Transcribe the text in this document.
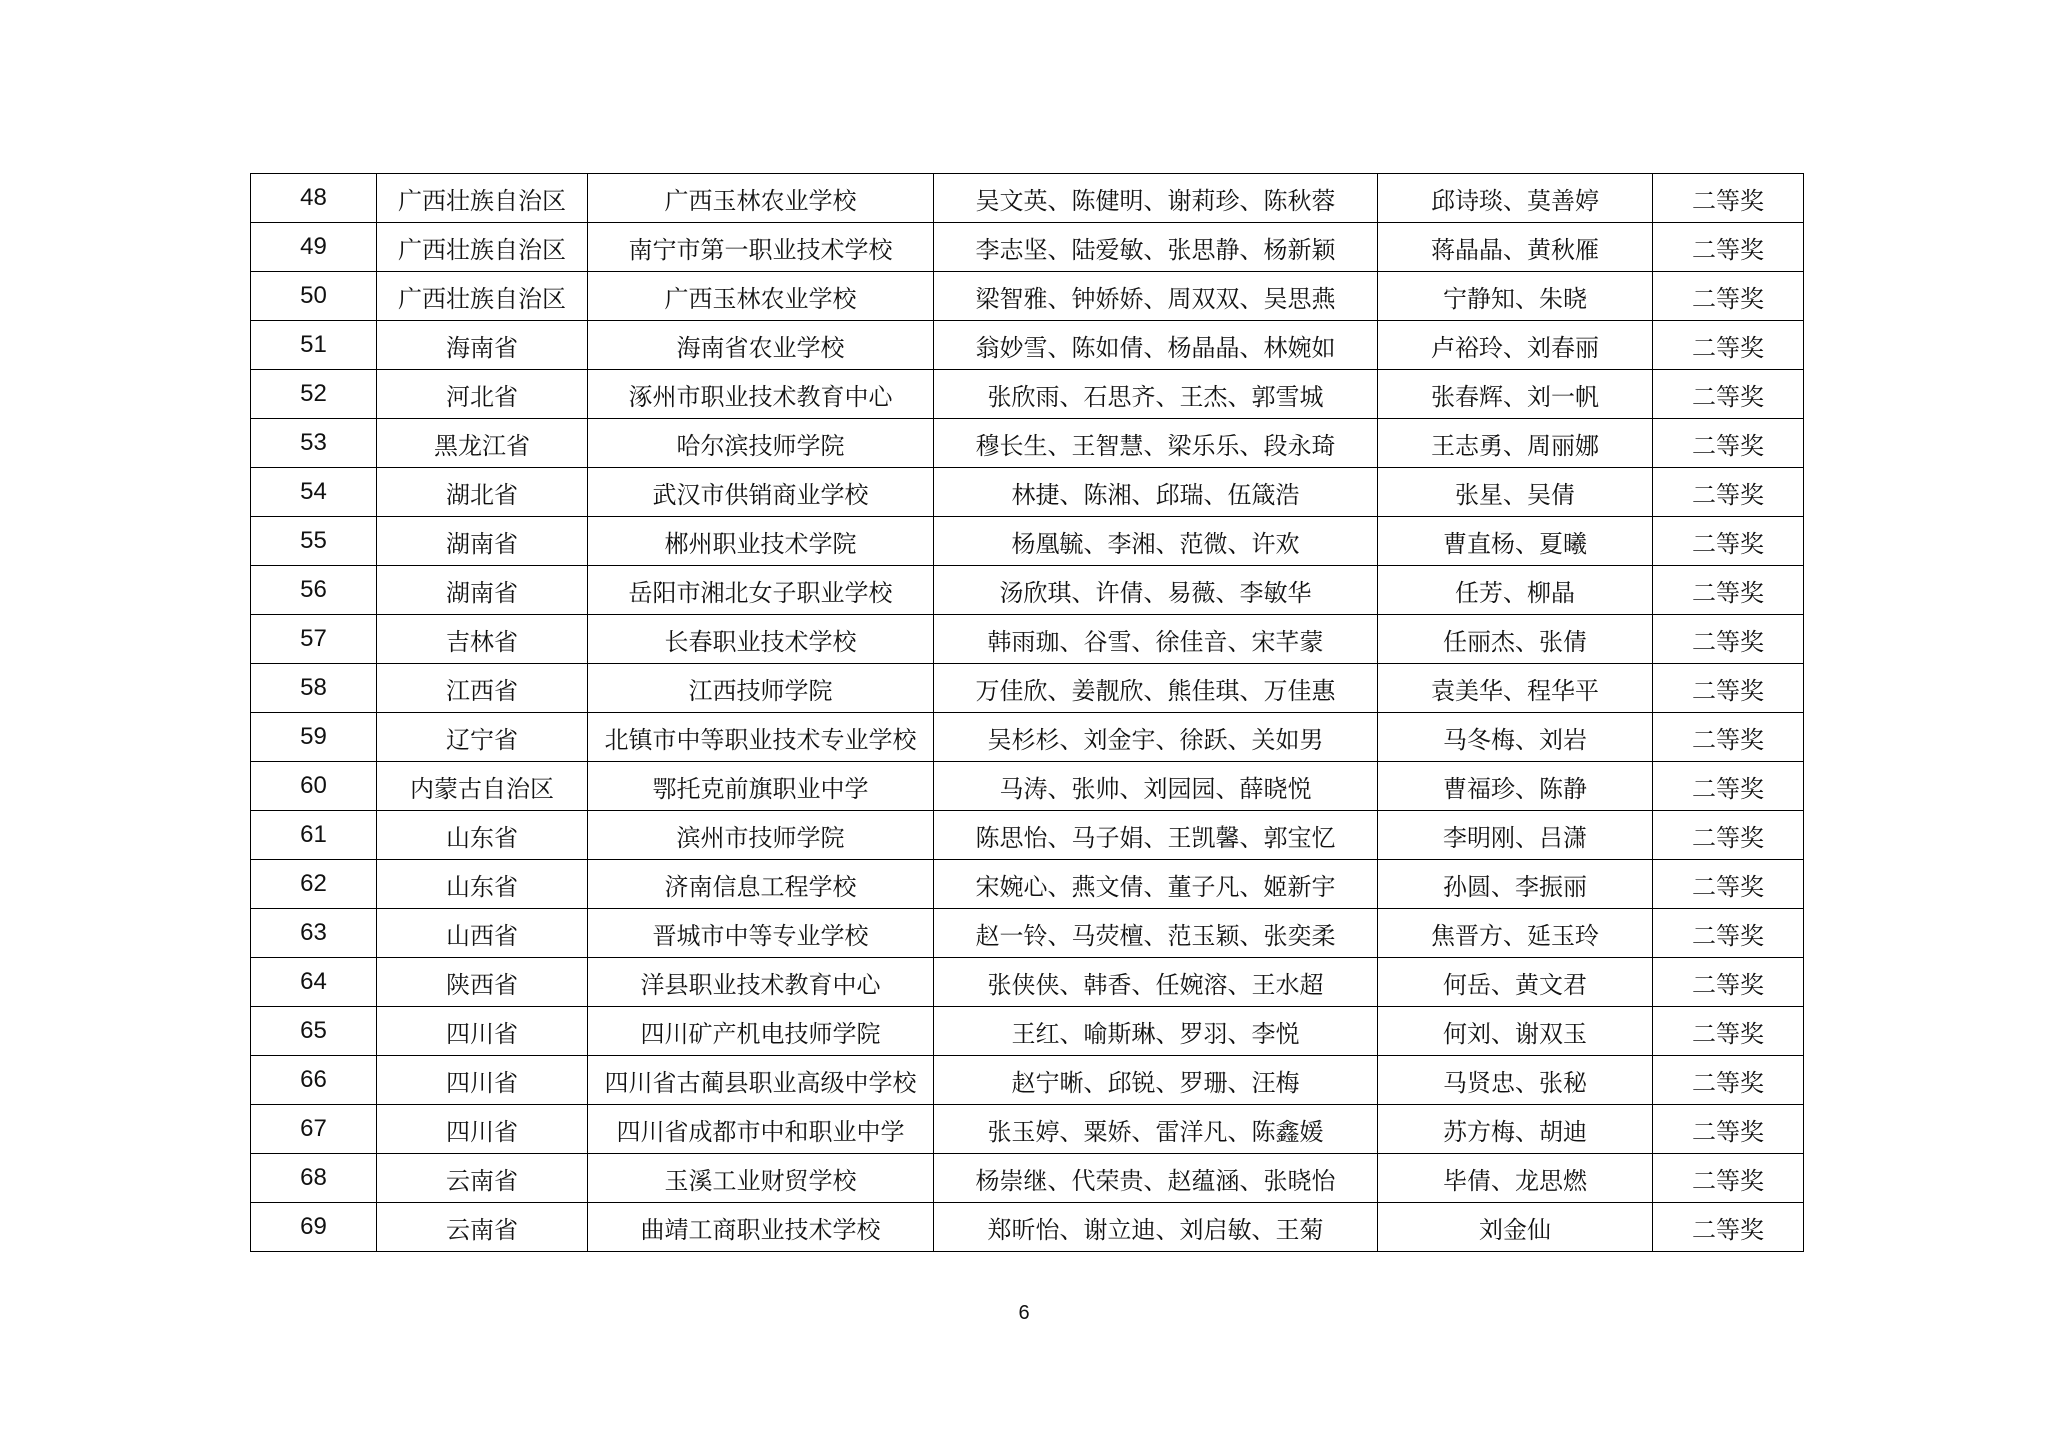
48	广西壮族自治区	广西玉林农业学校	吴文英、陈健明、谢莉珍、陈秋蓉	邱诗琰、莫善婷	二等奖
49	广西壮族自治区	南宁市第一职业技术学校	李志坚、陆爱敏、张思静、杨新颖	蒋晶晶、黄秋雁	二等奖
50	广西壮族自治区	广西玉林农业学校	梁智雅、钟娇娇、周双双、吴思燕	宁静知、朱晓	二等奖
51	海南省	海南省农业学校	翁妙雪、陈如倩、杨晶晶、林婉如	卢裕玲、刘春丽	二等奖
52	河北省	涿州市职业技术教育中心	张欣雨、石思齐、王杰、郭雪城	张春辉、刘一帆	二等奖
53	黑龙江省	哈尔滨技师学院	穆长生、王智慧、梁乐乐、段永琦	王志勇、周丽娜	二等奖
54	湖北省	武汉市供销商业学校	林捷、陈湘、邱瑞、伍箴浩	张星、吴倩	二等奖
55	湖南省	郴州职业技术学院	杨凰毓、李湘、范微、许欢	曹直杨、夏曦	二等奖
56	湖南省	岳阳市湘北女子职业学校	汤欣琪、许倩、易薇、李敏华	任芳、柳晶	二等奖
57	吉林省	长春职业技术学校	韩雨珈、谷雪、徐佳音、宋芊蒙	任丽杰、张倩	二等奖
58	江西省	江西技师学院	万佳欣、姜靓欣、熊佳琪、万佳惠	袁美华、程华平	二等奖
59	辽宁省	北镇市中等职业技术专业学校	吴杉杉、刘金宇、徐跃、关如男	马冬梅、刘岩	二等奖
60	内蒙古自治区	鄂托克前旗职业中学	马涛、张帅、刘园园、薛晓悦	曹福珍、陈静	二等奖
61	山东省	滨州市技师学院	陈思怡、马子娟、王凯馨、郭宝忆	李明刚、吕潇	二等奖
62	山东省	济南信息工程学校	宋婉心、燕文倩、董子凡、姬新宇	孙圆、李振丽	二等奖
63	山西省	晋城市中等专业学校	赵一铃、马荧檀、范玉颖、张奕柔	焦晋方、延玉玲	二等奖
64	陕西省	洋县职业技术教育中心	张侠侠、韩香、任婉溶、王水超	何岳、黄文君	二等奖
65	四川省	四川矿产机电技师学院	王红、喻斯琳、罗羽、李悦	何刘、谢双玉	二等奖
66	四川省	四川省古蔺县职业高级中学校	赵宁晰、邱锐、罗珊、汪梅	马贤忠、张秘	二等奖
67	四川省	四川省成都市中和职业中学	张玉婷、粟娇、雷洋凡、陈鑫媛	苏方梅、胡迪	二等奖
68	云南省	玉溪工业财贸学校	杨崇继、代荣贵、赵蕴涵、张晓怡	毕倩、龙思燃	二等奖
69	云南省	曲靖工商职业技术学校	郑昕怡、谢立迪、刘启敏、王菊	刘金仙	二等奖
6
